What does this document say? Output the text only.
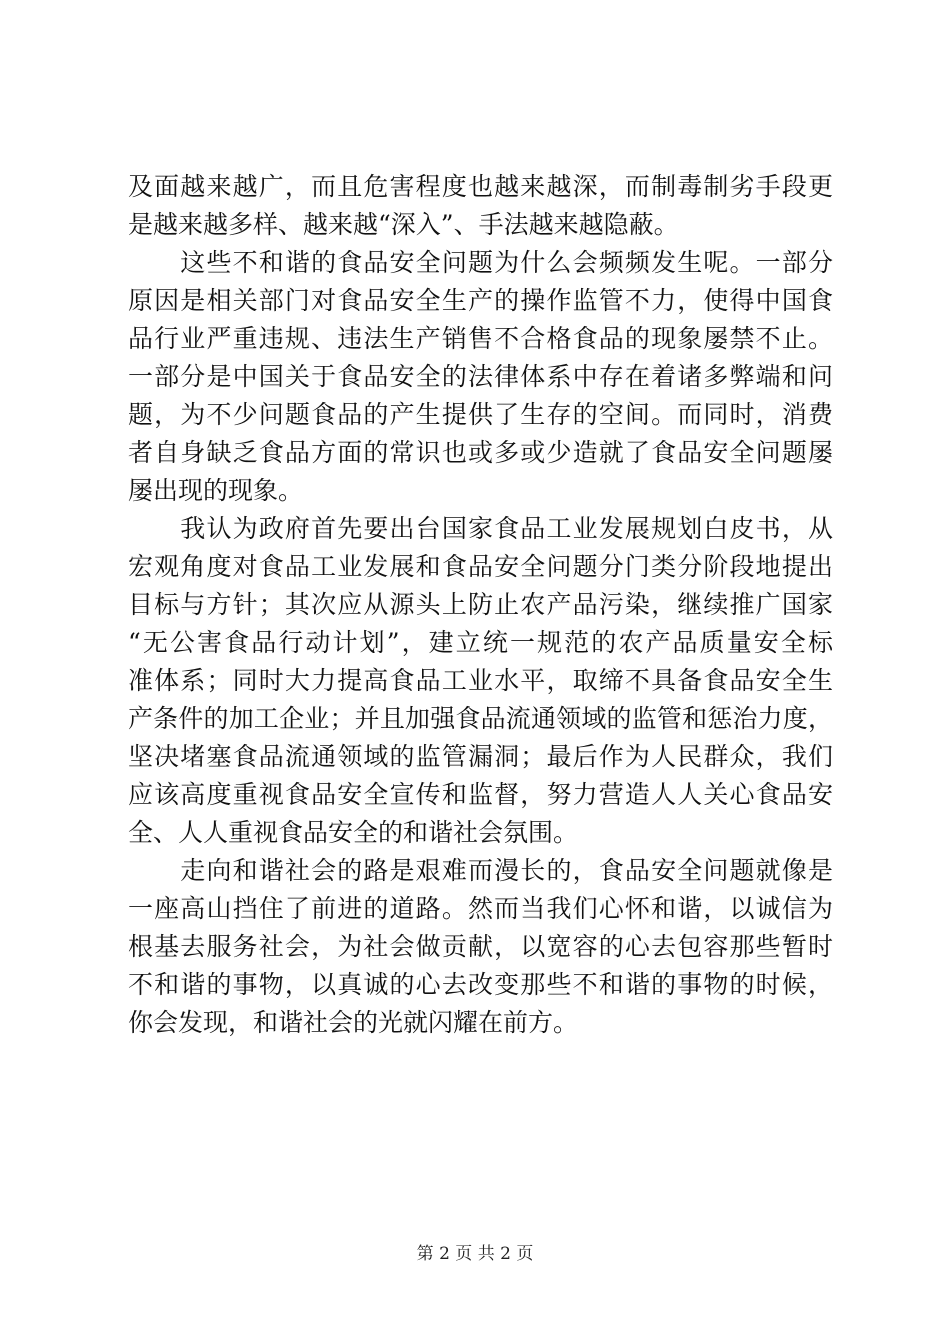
及面越来越广，而且危害程度也越来越深，而制毒制劣手段更
是越来越多样、越来越“深入”、手法越来越隐蔽。
　　这些不和谐的食品安全问题为什么会频频发生呢。一部分
原因是相关部门对食品安全生产的操作监管不力，使得中国食
品行业严重违规、违法生产销售不合格食品的现象屡禁不止。
一部分是中国关于食品安全的法律体系中存在着诸多弊端和问
题，为不少问题食品的产生提供了生存的空间。而同时，消费
者自身缺乏食品方面的常识也或多或少造就了食品安全问题屡
屡出现的现象。
　　我认为政府首先要出台国家食品工业发展规划白皮书，从
宏观角度对食品工业发展和食品安全问题分门类分阶段地提出
目标与方针；其次应从源头上防止农产品污染，继续推广国家
“无公害食品行动计划”，建立统一规范的农产品质量安全标
准体系；同时大力提高食品工业水平，取缔不具备食品安全生
产条件的加工企业；并且加强食品流通领域的监管和惩治力度，
坚决堵塞食品流通领域的监管漏洞；最后作为人民群众，我们
应该高度重视食品安全宣传和监督，努力营造人人关心食品安
全、人人重视食品安全的和谐社会氛围。
　　走向和谐社会的路是艰难而漫长的，食品安全问题就像是
一座高山挡住了前进的道路。然而当我们心怀和谐，以诚信为
根基去服务社会，为社会做贡献，以宽容的心去包容那些暂时
不和谐的事物，以真诚的心去改变那些不和谐的事物的时候，
你会发现，和谐社会的光就闪耀在前方。
第 2 页 共 2 页
